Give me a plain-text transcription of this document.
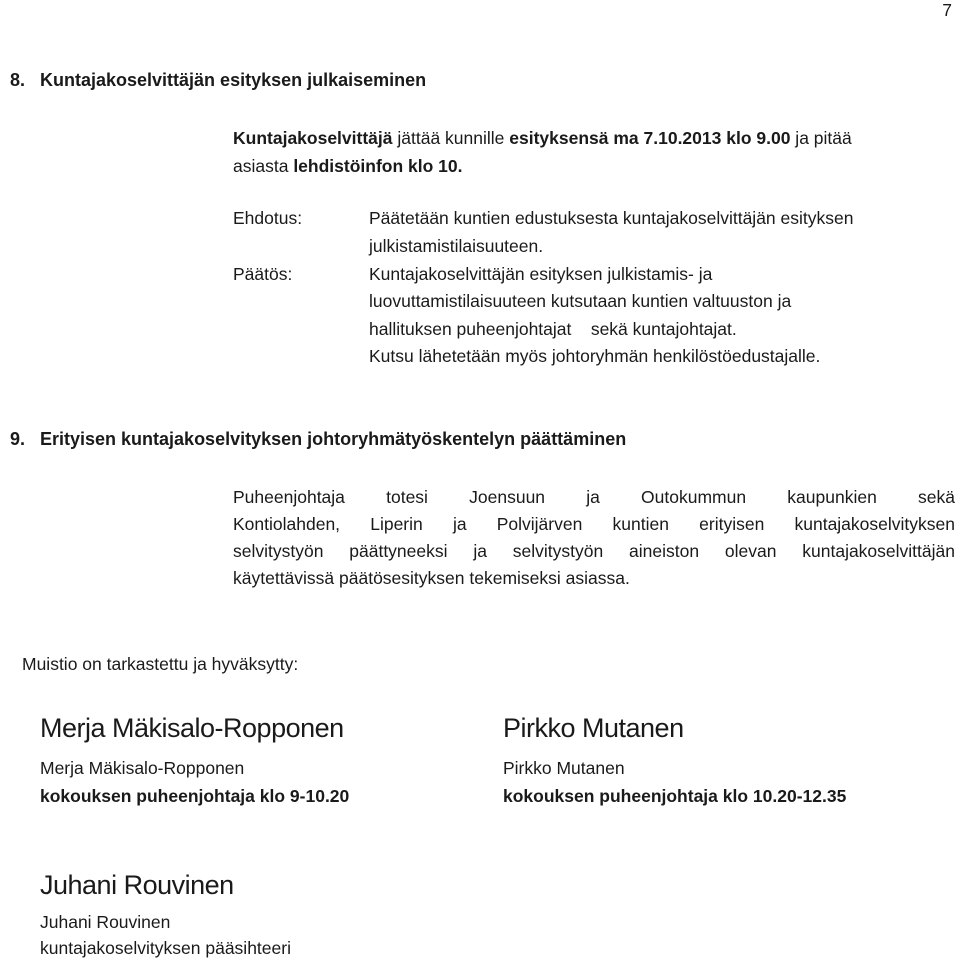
7
8. Kuntajakoselvittäjän esityksen julkaiseminen
Kuntajakoselvittäjä jättää kunnille esityksensä ma 7.10.2013 klo 9.00 ja pitää
asiasta lehdistöinfon klo 10.
Ehdotus:	Päätetään kuntien edustuksesta kuntajakoselvittäjän esityksen
julkistamistilaisuuteen.
Päätös:	Kuntajakoselvittäjän esityksen julkistamis- ja
luovuttamistilaisuuteen kutsutaan kuntien valtuuston ja
hallituksen puheenjohtajat    sekä kuntajohtajat.
Kutsu lähetetään myös johtoryhmän henkilöstöedustajalle.
9. Erityisen kuntajakoselvityksen johtoryhmätyöskentelyn päättäminen
Puheenjohtaja totesi Joensuun ja Outokummun kaupunkien sekä
Kontiolahden, Liperin ja Polvijärven kuntien erityisen kuntajakoselvityksen
selvitystyön päättyneeksi ja selvitystyön aineiston olevan kuntajakoselvittäjän
käytettävissä päätösesityksen tekemiseksi asiassa.
Muistio on tarkastettu ja hyväksytty:
Merja Mäkisalo-Ropponen
Merja Mäkisalo-Ropponen
kokouksen puheenjohtaja klo 9-10.20
Pirkko Mutanen
Pirkko Mutanen
kokouksen puheenjohtaja klo 10.20-12.35
Juhani Rouvinen
Juhani Rouvinen
kuntajakoselvityksen pääsihteeri
